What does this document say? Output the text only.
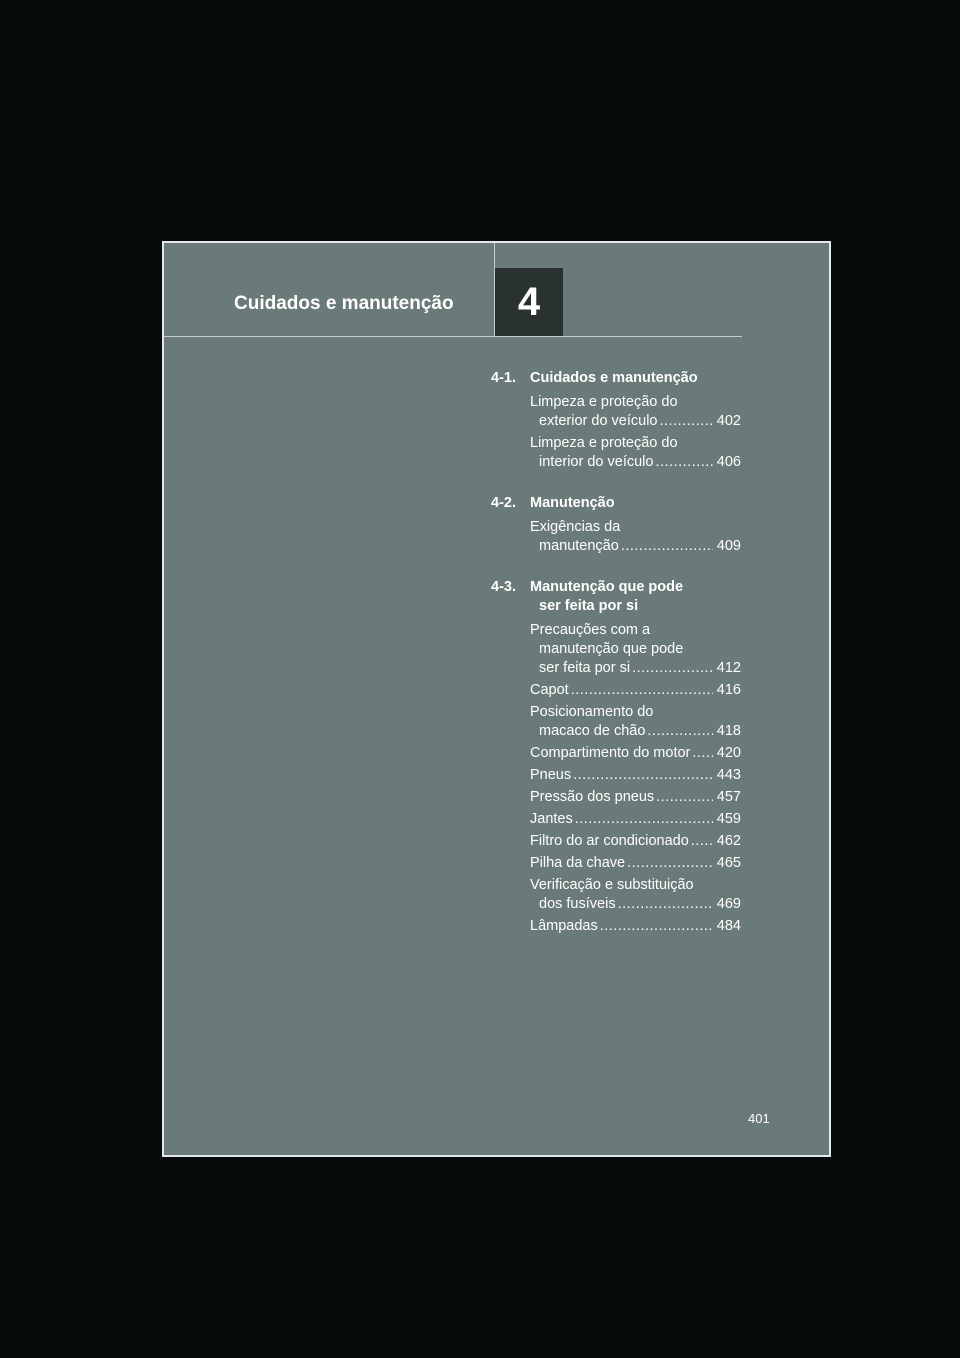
Cuidados e manutenção	4
4-1. Cuidados e manutenção
Limpeza e proteção do
exterior do veículo .....	402
Limpeza e proteção do
interior do veículo .....	406
4-2. Manutenção
Exigências da
manutenção .....	409
4-3. Manutenção que pode
ser feita por si
Precauções com a
manutenção que pode
ser feita por si .....	412
Capot .....	416
Posicionamento do
macaco de chão .....	418
Compartimento do motor ..... 420
Pneus .....	443
Pressão dos pneus .....	457
Jantes .....	459
Filtro do ar condicionado ..... 462
Pilha da chave .....	465
Verificação e substituição
dos fusíveis .....	469
Lâmpadas .....	484
401
